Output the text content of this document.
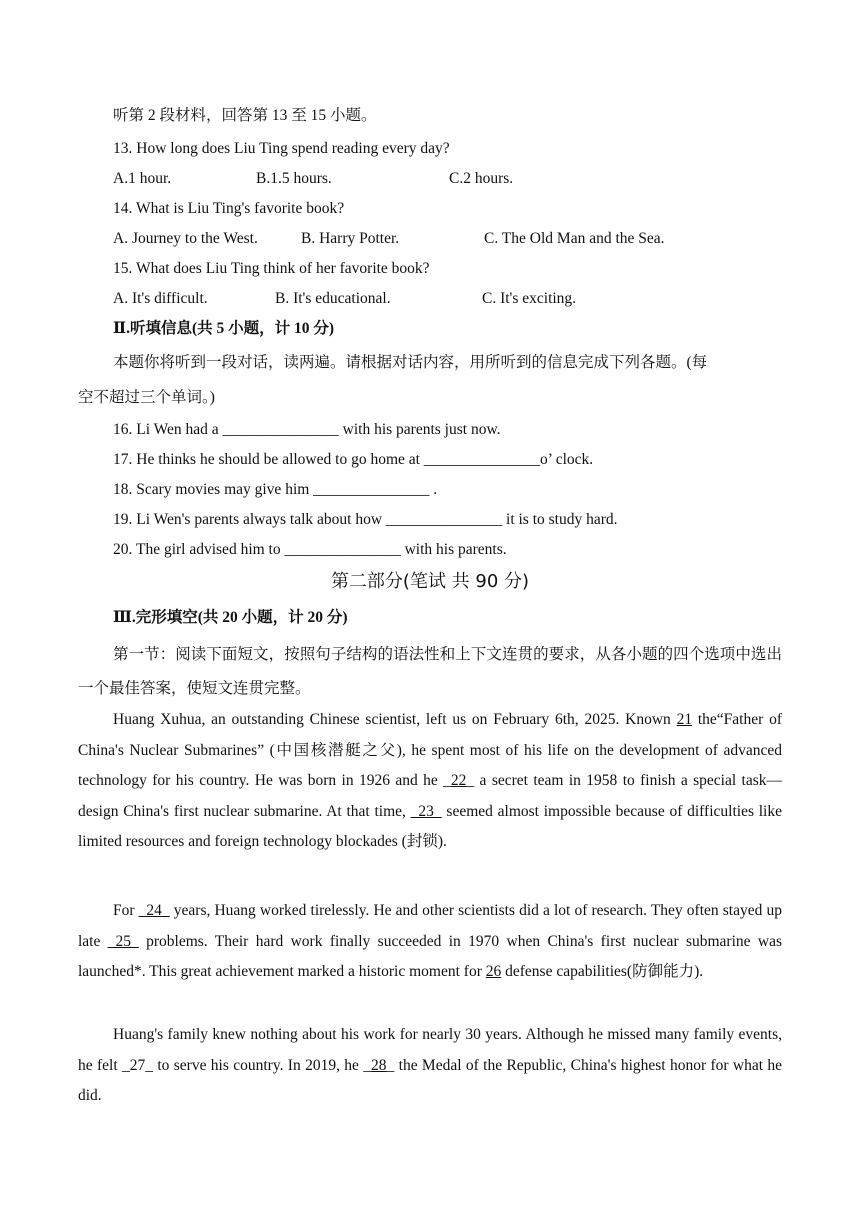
听第 2 段材料，回答第 13 至 15 小题。
13. How long does Liu Ting spend reading every day?
A.1 hour.	B.1.5 hours.	C.2 hours.
14. What is Liu Ting's favorite book?
A. Journey to the West.	B. Harry Potter.	C. The Old Man and the Sea.
15. What does Liu Ting think of her favorite book?
A. It's difficult.	B. It's educational.	C. It's exciting.
Ⅱ.听填信息(共 5 小题，计 10 分)
本题你将听到一段对话，读两遍。请根据对话内容，用所听到的信息完成下列各题。(每
空不超过三个单词。)
16. Li Wen had a _______________ with his parents just now.
17. He thinks he should be allowed to go home at _______________o’ clock.
18. Scary movies may give him _______________ .
19. Li Wen's parents always talk about how _______________ it is to study hard.
20. The girl advised him to _______________ with his parents.
第二部分(笔试 共 90 分)
Ⅲ.完形填空(共 20 小题，计 20 分)
第一节：阅读下面短文，按照句子结构的语法性和上下文连贯的要求，从各小题的四个选项中选出一个最佳答案，使短文连贯完整。
Huang Xuhua, an outstanding Chinese scientist, left us on February 6th, 2025. Known 21 the“Father of China's Nuclear Submarines” (中国核潜艇之父), he spent most of his life on the development of advanced technology for his country. He was born in 1926 and he _22_ a secret team in 1958 to finish a special task— design China's first nuclear submarine. At that time, _23_ seemed almost impossible because of difficulties like limited resources and foreign technology blockades (封锁).
For _24_ years, Huang worked tirelessly. He and other scientists did a lot of research. They often stayed up late _25_ problems. Their hard work finally succeeded in 1970 when China's first nuclear submarine was launched*. This great achievement marked a historic moment for 26 defense capabilities(防御能力).
Huang's family knew nothing about his work for nearly 30 years. Although he missed many family events, he felt _27_ to serve his country. In 2019, he _28_ the Medal of the Republic, China's highest honor for what he did.
